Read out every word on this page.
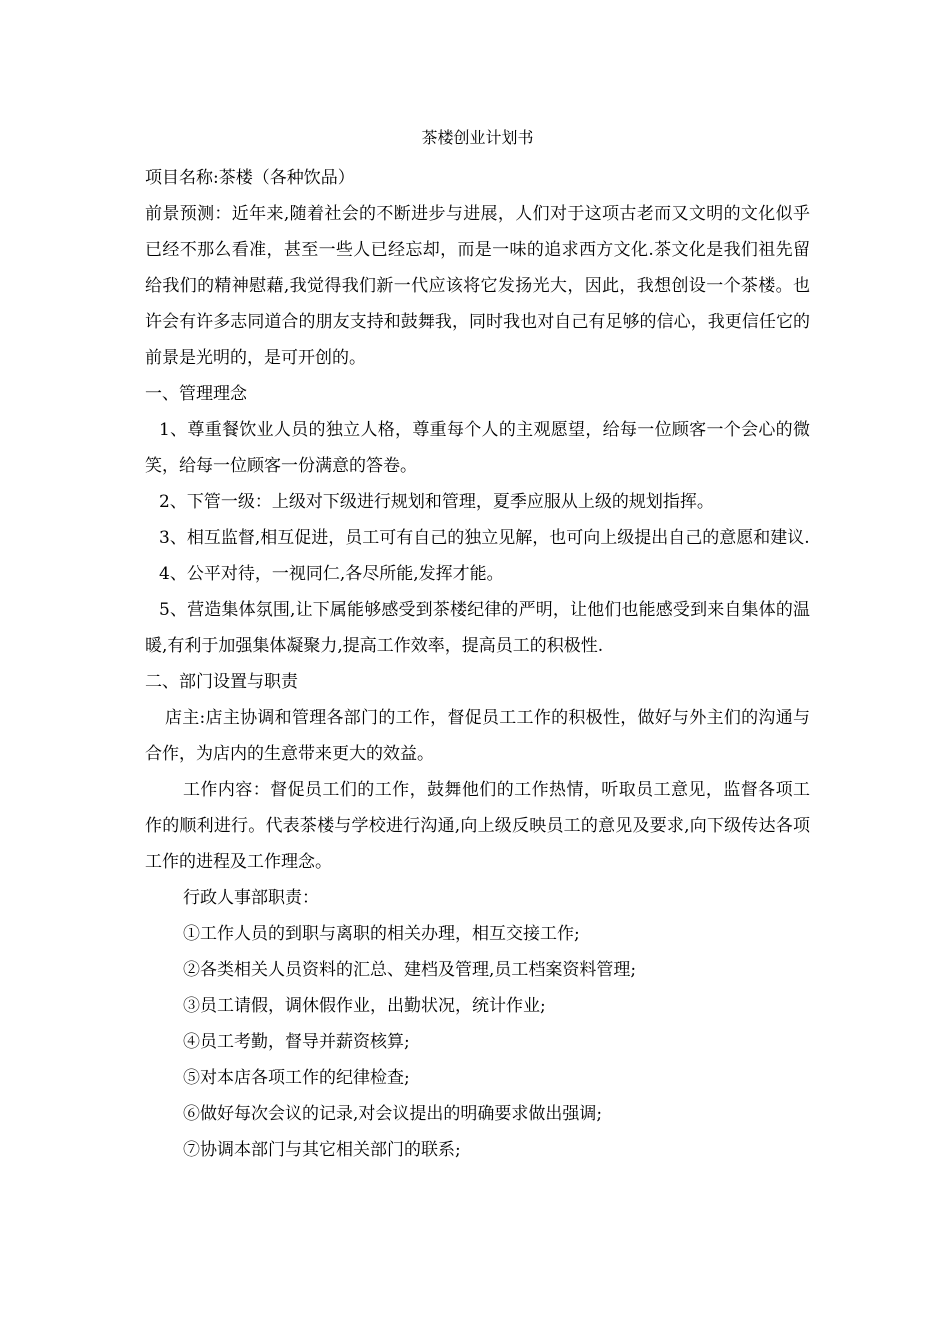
茶楼创业计划书

项目名称:茶楼（各种饮品）

前景预测：近年来,随着社会的不断进步与进展，人们对于这项古老而又文明的文化似乎已经不那么看准，甚至一些人已经忘却，而是一味的追求西方文化.茶文化是我们祖先留给我们的精神慰藉,我觉得我们新一代应该将它发扬光大，因此，我想创设一个茶楼。也许会有许多志同道合的朋友支持和鼓舞我，同时我也对自己有足够的信心，我更信任它的前景是光明的，是可开创的。

一、管理理念

1、尊重餐饮业人员的独立人格，尊重每个人的主观愿望，给每一位顾客一个会心的微笑，给每一位顾客一份满意的答卷。

2、下管一级：上级对下级进行规划和管理，夏季应服从上级的规划指挥。

3、相互监督,相互促进，员工可有自己的独立见解，也可向上级提出自己的意愿和建议.

4、公平对待，一视同仁,各尽所能,发挥才能。

5、营造集体氛围,让下属能够感受到茶楼纪律的严明，让他们也能感受到来自集体的温暖,有利于加强集体凝聚力,提高工作效率，提高员工的积极性.

二、部门设置与职责

店主:店主协调和管理各部门的工作，督促员工工作的积极性，做好与外主们的沟通与合作，为店内的生意带来更大的效益。

工作内容：督促员工们的工作，鼓舞他们的工作热情，听取员工意见，监督各项工作的顺利进行。代表茶楼与学校进行沟通,向上级反映员工的意见及要求,向下级传达各项工作的进程及工作理念。

行政人事部职责：

①工作人员的到职与离职的相关办理，相互交接工作;

②各类相关人员资料的汇总、建档及管理,员工档案资料管理;

③员工请假，调休假作业，出勤状况，统计作业;

④员工考勤，督导并薪资核算;

⑤对本店各项工作的纪律检查;

⑥做好每次会议的记录,对会议提出的明确要求做出强调;

⑦协调本部门与其它相关部门的联系;
